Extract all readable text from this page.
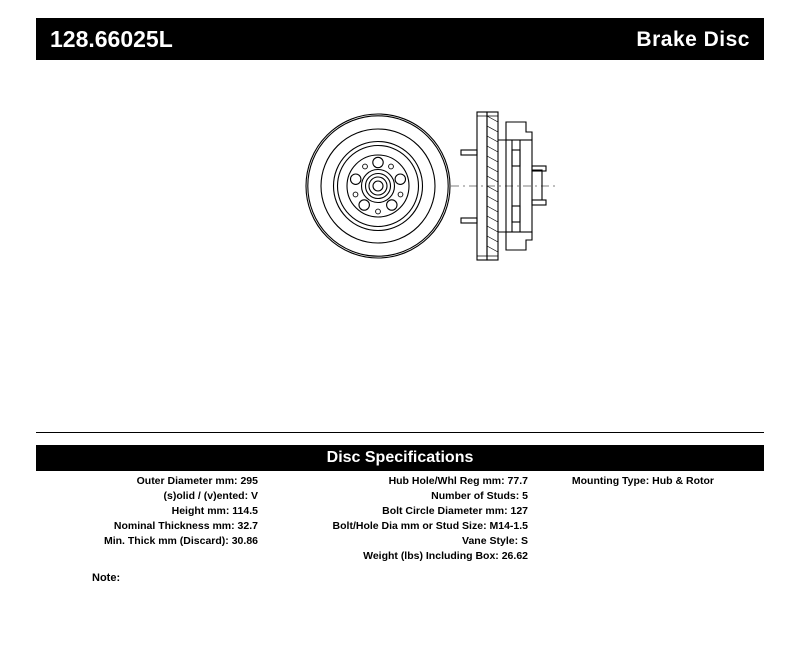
128.66025L	Brake Disc
Disc Specifications
Outer Diameter mm: 295
(s)olid / (v)ented: V
Height mm: 114.5
Nominal Thickness mm: 32.7
Min. Thick mm (Discard): 30.86
Hub Hole/Whl Reg mm: 77.7
Number of Studs: 5
Bolt Circle Diameter mm: 127
Bolt/Hole Dia mm or Stud Size: M14-1.5
Vane Style: S
Weight (lbs) Including Box: 26.62
Mounting Type: Hub & Rotor
Note:
